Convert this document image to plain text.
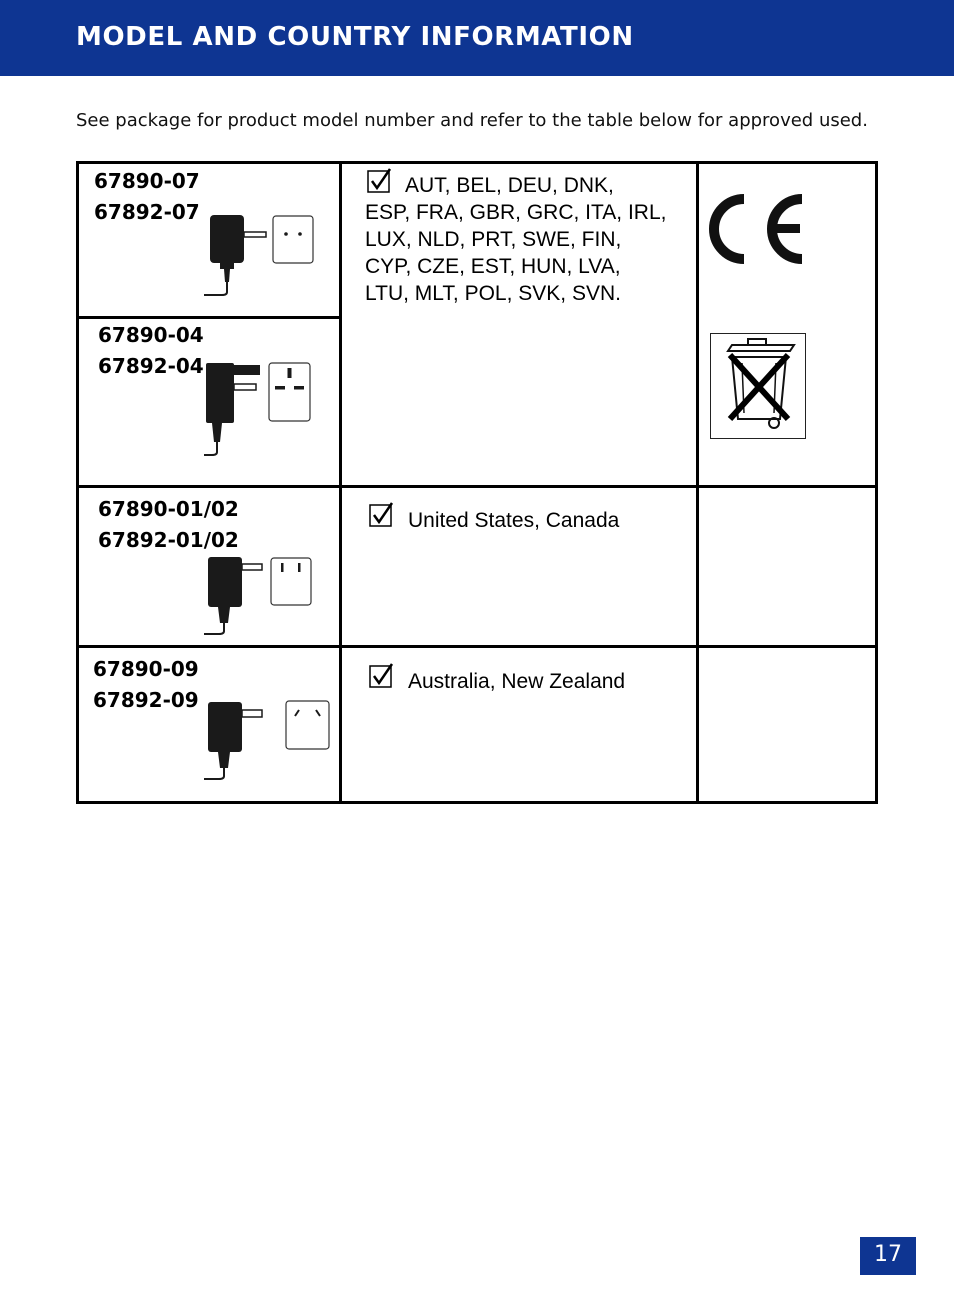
MODEL AND COUNTRY INFORMATION
See package for product model number and refer to the table below for approved used.
67890-07
67892-07
AUT, BEL, DEU, DNK,
ESP, FRA, GBR, GRC, ITA, IRL,
LUX, NLD, PRT, SWE, FIN,
CYP, CZE, EST, HUN, LVA,
LTU, MLT, POL, SVK, SVN.
67890-04
67892-04
67890-01/02
67892-01/02
United States, Canada
67890-09
67892-09
Australia, New Zealand
17
